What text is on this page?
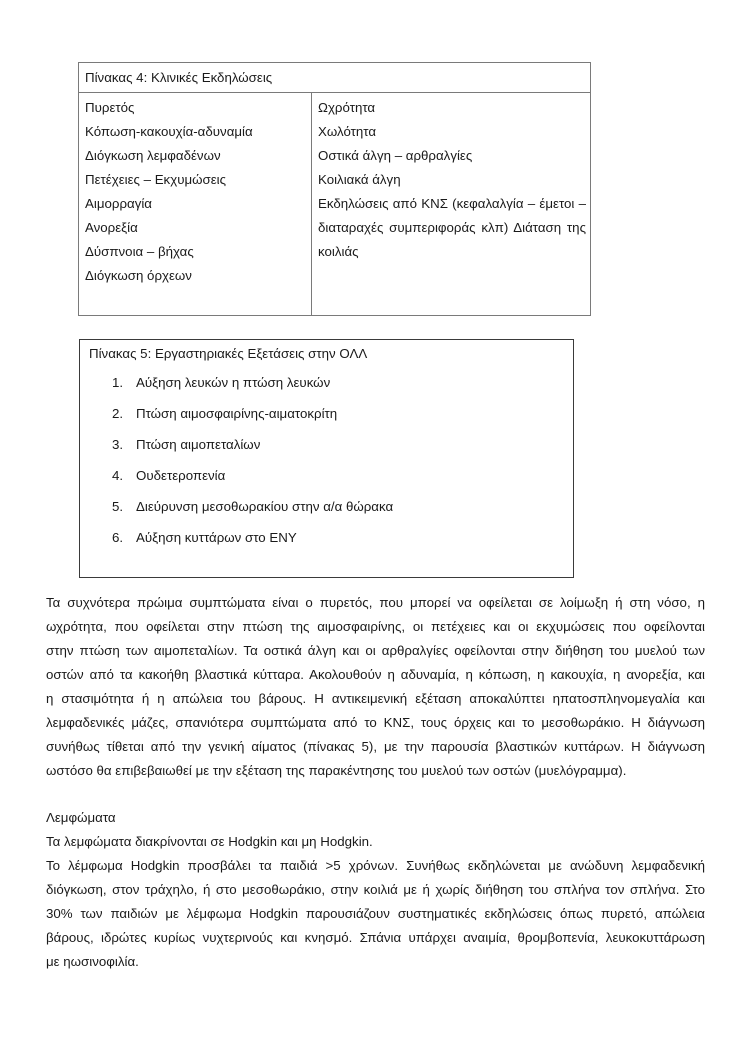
Πίνακας 4: Κλινικές Εκδηλώσεις
Πυρετός
Κόπωση-κακουχία-αδυναμία
Διόγκωση λεμφαδένων
Πετέχειες – Εκχυμώσεις
Αιμορραγία
Ανορεξία
Δύσπνοια – βήχας
Διόγκωση όρχεων
Ωχρότητα
Χωλότητα
Οστικά άλγη – αρθραλγίες
Κοιλιακά άλγη
Εκδηλώσεις από ΚΝΣ (κεφαλαλγία – έμετοι – διαταραχές συμπεριφοράς κλπ) Διάταση της κοιλιάς
Πίνακας 5: Εργαστηριακές Εξετάσεις στην ΟΛΛ
1. Αύξηση λευκών η πτώση λευκών
2. Πτώση αιμοσφαιρίνης-αιματοκρίτη
3. Πτώση αιμοπεταλίων
4. Ουδετεροπενία
5. Διεύρυνση μεσοθωρακίου στην α/α θώρακα
6. Αύξηση κυττάρων στο ΕΝΥ
Τα συχνότερα πρώιμα συμπτώματα είναι ο πυρετός, που μπορεί να οφείλεται σε λοίμωξη ή στη νόσο, η
ωχρότητα, που οφείλεται στην πτώση της αιμοσφαιρίνης, οι πετέχειες και οι εκχυμώσεις που οφείλονται
στην πτώση των αιμοπεταλίων. Τα οστικά άλγη και οι αρθραλγίες οφείλονται στην διήθηση του μυελού των
οστών από τα κακοήθη βλαστικά κύτταρα. Ακολουθούν η αδυναμία, η κόπωση, η κακουχία, η ανορεξία, και
η στασιμότητα ή η απώλεια του βάρους. Η αντικειμενική εξέταση αποκαλύπτει ηπατοσπληνομεγαλία και
λεμφαδενικές μάζες, σπανιότερα συμπτώματα από το ΚΝΣ, τους όρχεις και το μεσοθωράκιο. Η διάγνωση
συνήθως τίθεται από την γενική αίματος (πίνακας 5), με την παρουσία βλαστικών κυττάρων. Η διάγνωση
ωστόσο θα επιβεβαιωθεί με την εξέταση της παρακέντησης του μυελού των οστών (μυελόγραμμα).
Λεμφώματα
Τα λεμφώματα διακρίνονται σε Hodgkin και μη Hodgkin.
Το λέμφωμα Hodgkin προσβάλει τα παιδιά >5 χρόνων. Συνήθως εκδηλώνεται με ανώδυνη λεμφαδενική
διόγκωση, στον τράχηλο, ή στο μεσοθωράκιο, στην κοιλιά με ή χωρίς διήθηση του σπλήνα τον σπλήνα. Στο
30% των παιδιών με λέμφωμα Hodgkin παρουσιάζουν συστηματικές εκδηλώσεις όπως πυρετό, απώλεια
βάρους, ιδρώτες κυρίως νυχτερινούς και κνησμό. Σπάνια υπάρχει αναιμία, θρομβοπενία, λευκοκυττάρωση
με ηωσινοφιλία.
